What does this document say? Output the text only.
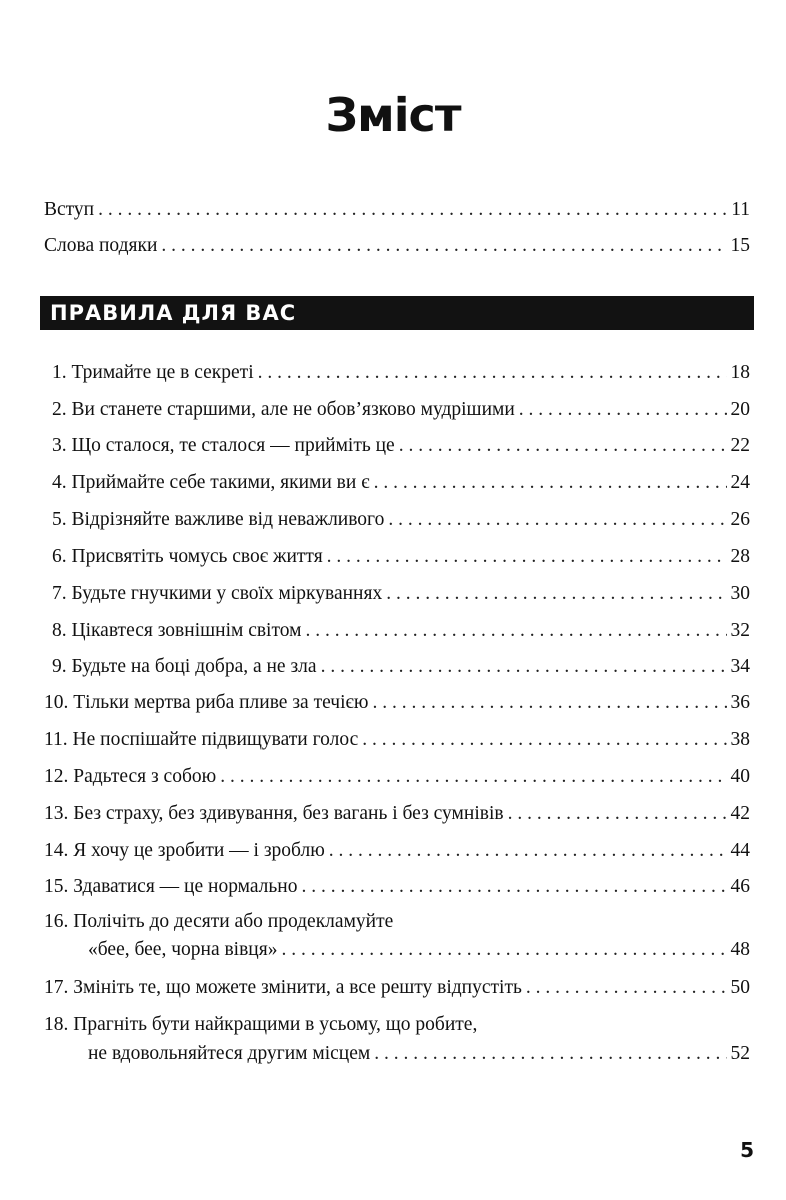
Зміст
Вступ . . .	11
Слова подяки . . .	15
ПРАВИЛА ДЛЯ ВАС
1. Тримайте це в секреті . . .	18
2. Ви станете старшими, але не обов’язково мудрішими . . .	20
3. Що сталося, те сталося — прийміть це . . .	22
4. Приймайте себе такими, якими ви є . . .	24
5. Відрізняйте важливе від неважливого . . .	26
6. Присвятіть чомусь своє життя . . .	28
7. Будьте гнучкими у своїх міркуваннях . . .	30
8. Цікавтеся зовнішнім світом . . .	32
9. Будьте на боці добра, а не зла . . .	34
10. Тільки мертва риба пливе за течією . . .	36
11. Не поспішайте підвищувати голос . . .	38
12. Радьтеся з собою . . .	40
13. Без страху, без здивування, без вагань і без сумнівів . . .	42
14. Я хочу це зробити — і зроблю . . .	44
15. Здаватися — це нормально . . .	46
16. Полічіть до десяти або продекламуйте
«бее, бее, чорна вівця» . . .	48
17. Змініть те, що можете змінити, а все решту відпустіть . . .	50
18. Прагніть бути найкращими в усьому, що робите,
не вдовольняйтеся другим місцем . . .	52
5
